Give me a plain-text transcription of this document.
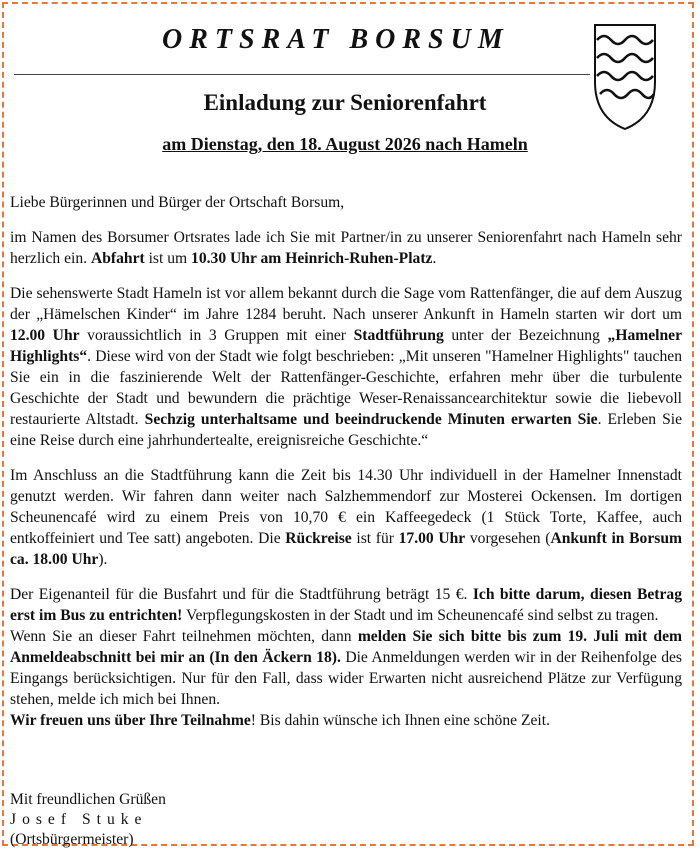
ORTSRAT BORSUM
Einladung zur Seniorenfahrt
am Dienstag, den 18. August 2026 nach Hameln

Liebe Bürgerinnen und Bürger der Ortschaft Borsum,

im Namen des Borsumer Ortsrates lade ich Sie mit Partner/in zu unserer Seniorenfahrt nach Hameln sehr herzlich ein. Abfahrt ist um 10.30 Uhr am Heinrich-Ruhen-Platz.

Die sehenswerte Stadt Hameln ist vor allem bekannt durch die Sage vom Rattenfänger, die auf dem Auszug der „Hämelschen Kinder“ im Jahre 1284 beruht. Nach unserer Ankunft in Hameln starten wir dort um 12.00 Uhr voraussichtlich in 3 Gruppen mit einer Stadtführung unter der Bezeichnung „Hamelner Highlights“. Diese wird von der Stadt wie folgt beschrieben: „Mit unseren "Hamelner Highlights" tauchen Sie ein in die faszinierende Welt der Rattenfänger-Geschichte, erfahren mehr über die turbulente Geschichte der Stadt und bewundern die prächtige Weser-Renaissancearchitektur sowie die liebevoll restaurierte Altstadt. Sechzig unterhaltsame und beeindruckende Minuten erwarten Sie. Erleben Sie eine Reise durch eine jahrhundertealte, ereignisreiche Geschichte.“

Im Anschluss an die Stadtführung kann die Zeit bis 14.30 Uhr individuell in der Hamelner Innenstadt genutzt werden. Wir fahren dann weiter nach Salzhemmendorf zur Mosterei Ockensen. Im dortigen Scheunencafé wird zu einem Preis von 10,70 € ein Kaffeegedeck (1 Stück Torte, Kaffee, auch entkoffeiniert und Tee satt) angeboten. Die Rückreise ist für 17.00 Uhr vorgesehen (Ankunft in Borsum ca. 18.00 Uhr).

Der Eigenanteil für die Busfahrt und für die Stadtführung beträgt 15 €. Ich bitte darum, diesen Betrag erst im Bus zu entrichten! Verpflegungskosten in der Stadt und im Scheunencafé sind selbst zu tragen.

Wenn Sie an dieser Fahrt teilnehmen möchten, dann melden Sie sich bitte bis zum 19. Juli mit dem Anmeldeabschnitt bei mir an (In den Äckern 18). Die Anmeldungen werden wir in der Reihenfolge des Eingangs berücksichtigen. Nur für den Fall, dass wider Erwarten nicht ausreichend Plätze zur Verfügung stehen, melde ich mich bei Ihnen.

Wir freuen uns über Ihre Teilnahme! Bis dahin wünsche ich Ihnen eine schöne Zeit.

Mit freundlichen Grüßen
Josef Stuke
(Ortsbürgermeister)
